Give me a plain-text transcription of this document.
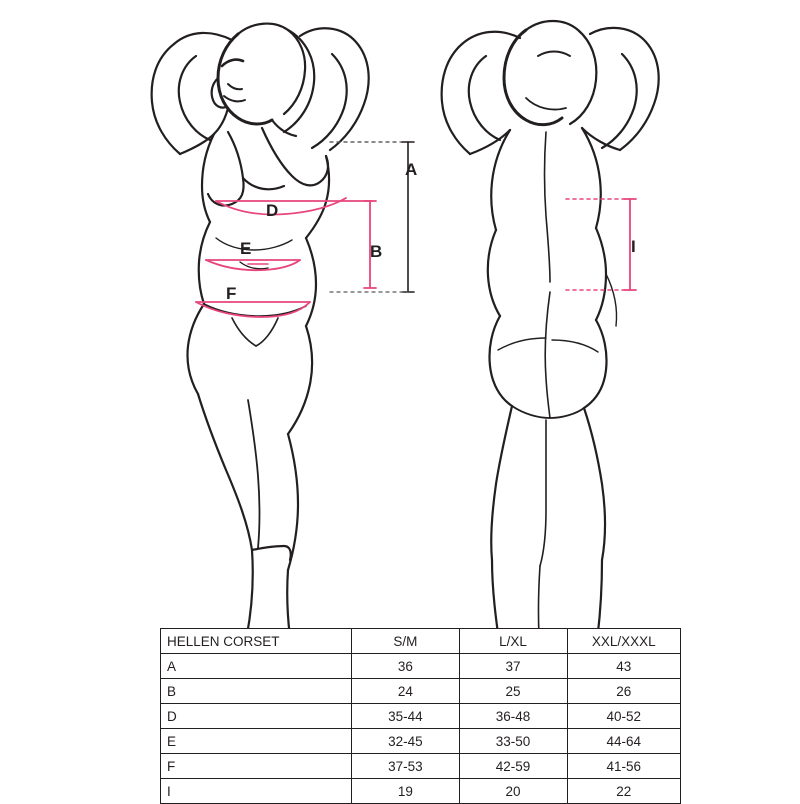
A
D
B
E
F
I
HELLEN CORSET	S/M	L/XL	XXL/XXXL
A	36	37	43
B	24	25	26
D	35-44	36-48	40-52
E	32-45	33-50	44-64
F	37-53	42-59	41-56
I	19	20	22
